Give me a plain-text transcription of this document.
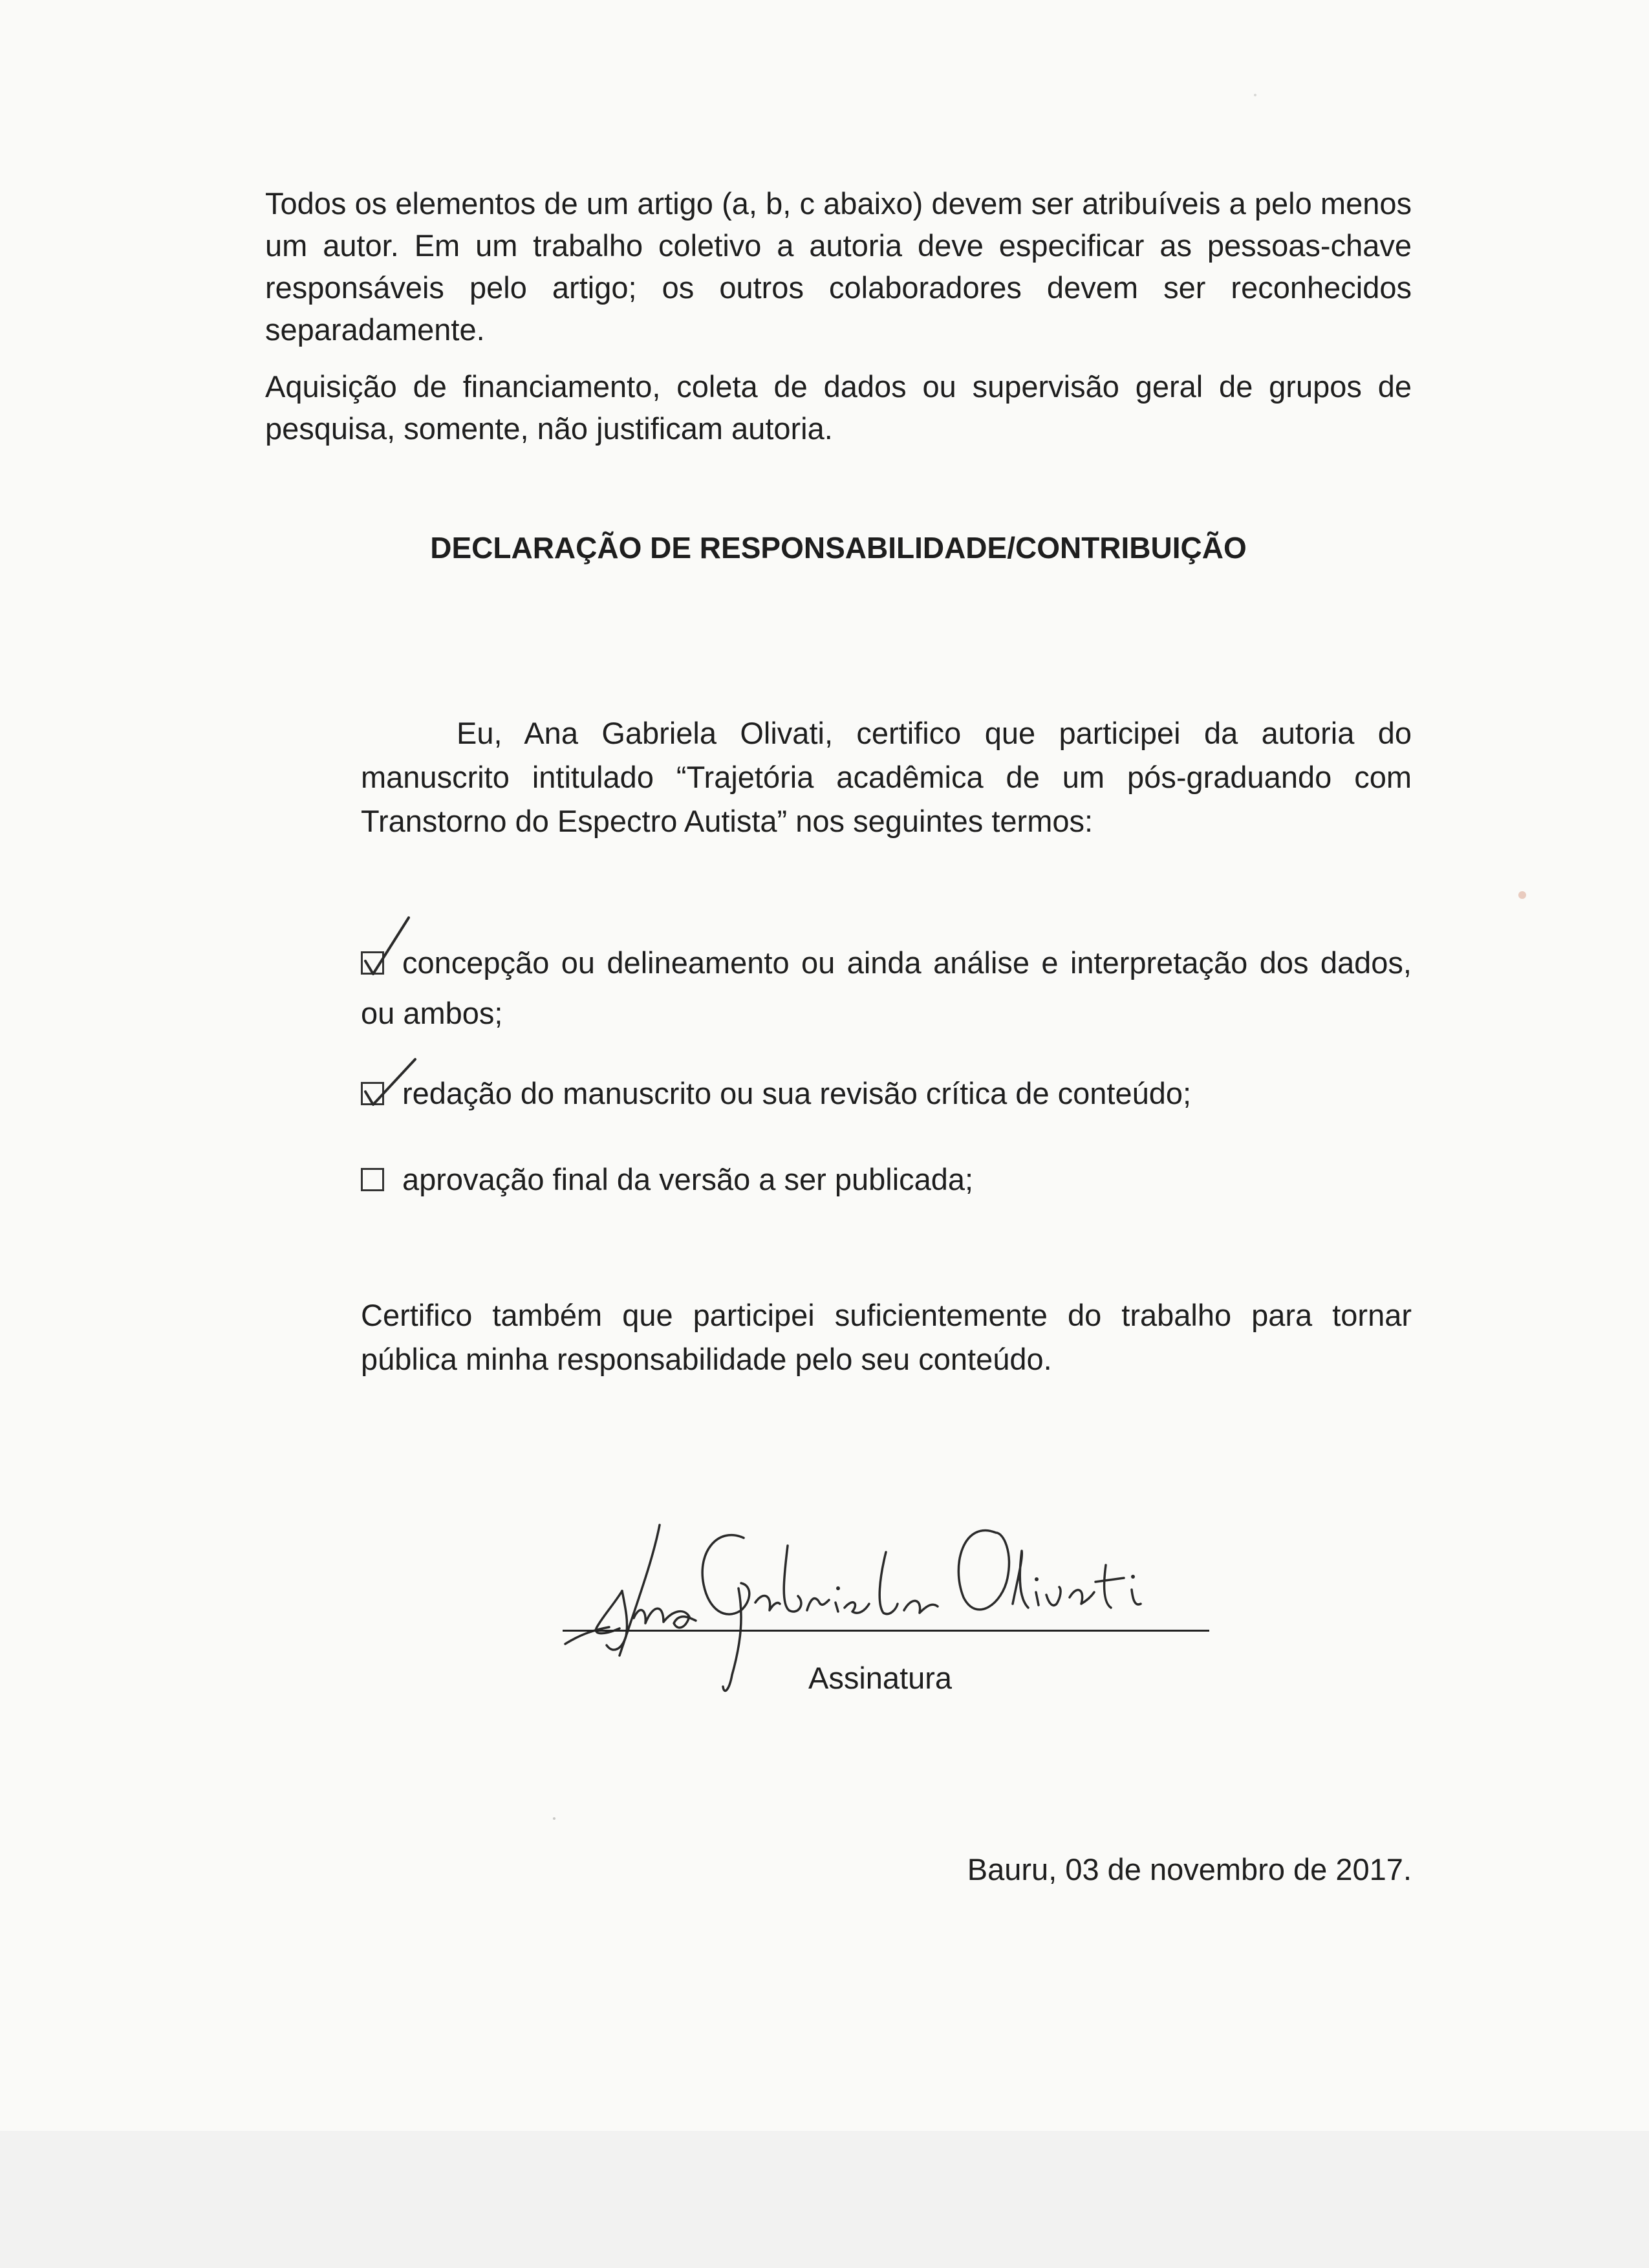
Todos os elementos de um artigo (a, b, c abaixo) devem ser atribuíveis a pelo menos um autor. Em um trabalho coletivo a autoria deve especificar as pessoas-chave responsáveis pelo artigo; os outros colaboradores devem ser reconhecidos separadamente.

Aquisição de financiamento, coleta de dados ou supervisão geral de grupos de pesquisa, somente, não justificam autoria.

DECLARAÇÃO DE RESPONSABILIDADE/CONTRIBUIÇÃO

Eu, Ana Gabriela Olivati, certifico que participei da autoria do manuscrito intitulado “Trajetória acadêmica de um pós-graduando com Transtorno do Espectro Autista” nos seguintes termos:

concepção ou delineamento ou ainda análise e interpretação dos dados, ou ambos;

redação do manuscrito ou sua revisão crítica de conteúdo;

aprovação final da versão a ser publicada;

Certifico também que participei suficientemente do trabalho para tornar pública minha responsabilidade pelo seu conteúdo.

Assinatura

Bauru, 03 de novembro de 2017.
